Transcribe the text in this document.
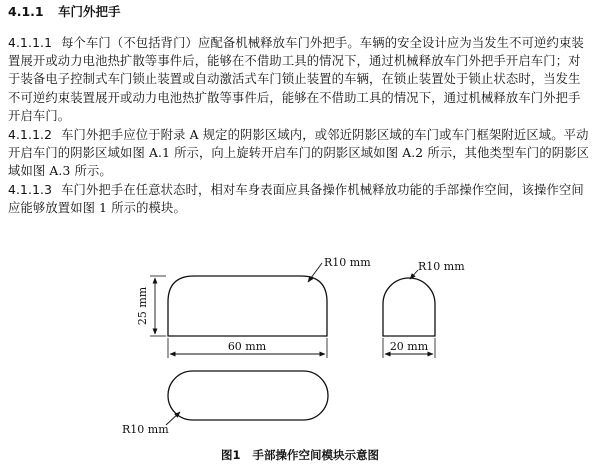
4.1.1 车门外把手
4.1.1.1 每个车门（不包括背门）应配备机械释放车门外把手。车辆的安全设计应为当发生不可逆约束装置展开或动力电池热扩散等事件后，能够在不借助工具的情况下，通过机械释放车门外把手开启车门；对于装备电子控制式车门锁止装置或自动激活式车门锁止装置的车辆，在锁止装置处于锁止状态时，当发生不可逆约束装置展开或动力电池热扩散等事件后，能够在不借助工具的情况下，通过机械释放车门外把手开启车门。
4.1.1.2 车门外把手应位于附录 A 规定的阴影区域内，或邻近阴影区域的车门或车门框架附近区域。平动开启车门的阴影区域如图 A.1 所示，向上旋转开启车门的阴影区域如图 A.2 所示，其他类型车门的阴影区域如图 A.3 所示。
4.1.1.3 车门外把手在任意状态时，相对车身表面应具备操作机械释放功能的手部操作空间，该操作空间应能够放置如图 1 所示的模块。
R10 mm
25 mm
60 mm
R10 mm
20 mm
R10 mm
图1 手部操作空间模块示意图
